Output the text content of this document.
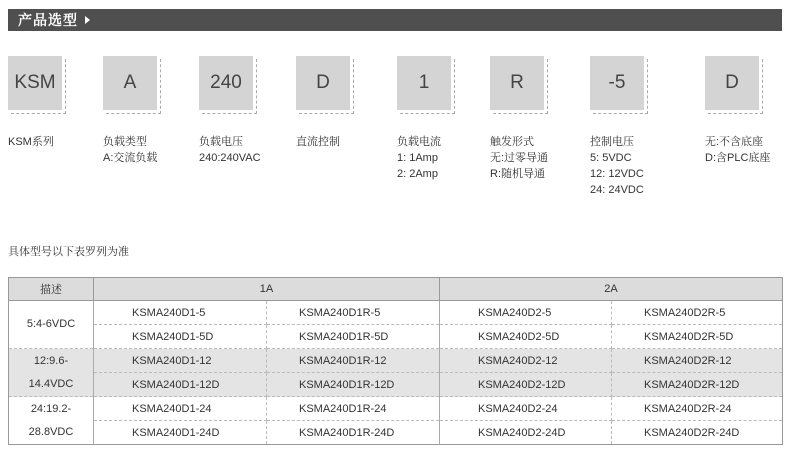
产品选型
KSM	A	240	D	1	R	-5	D
KSM系列	负载类型
A:交流负载
负载电压
240:240VAC
直流控制	负载电流
1: 1Amp
2: 2Amp
触发形式
无:过零导通
R:随机导通
控制电压
5: 5VDC
12: 12VDC
24: 24VDC
无:不含底座
D:含PLC底座
具体型号以下表罗列为准
描述	1A		2A	
5:4-6VDC	KSMA240D1-5	KSMA240D1R-5	KSMA240D2-5	KSMA240D2R-5
	KSMA240D1-5D	KSMA240D1R-5D	KSMA240D2-5D	KSMA240D2R-5D
12:9.6-
14.4VDC	KSMA240D1-12	KSMA240D1R-12	KSMA240D2-12	KSMA240D2R-12
	KSMA240D1-12D	KSMA240D1R-12D	KSMA240D2-12D	KSMA240D2R-12D
24:19.2-
28.8VDC	KSMA240D1-24	KSMA240D1R-24	KSMA240D2-24	KSMA240D2R-24
	KSMA240D1-24D	KSMA240D1R-24D	KSMA240D2-24D	KSMA240D2R-24D
